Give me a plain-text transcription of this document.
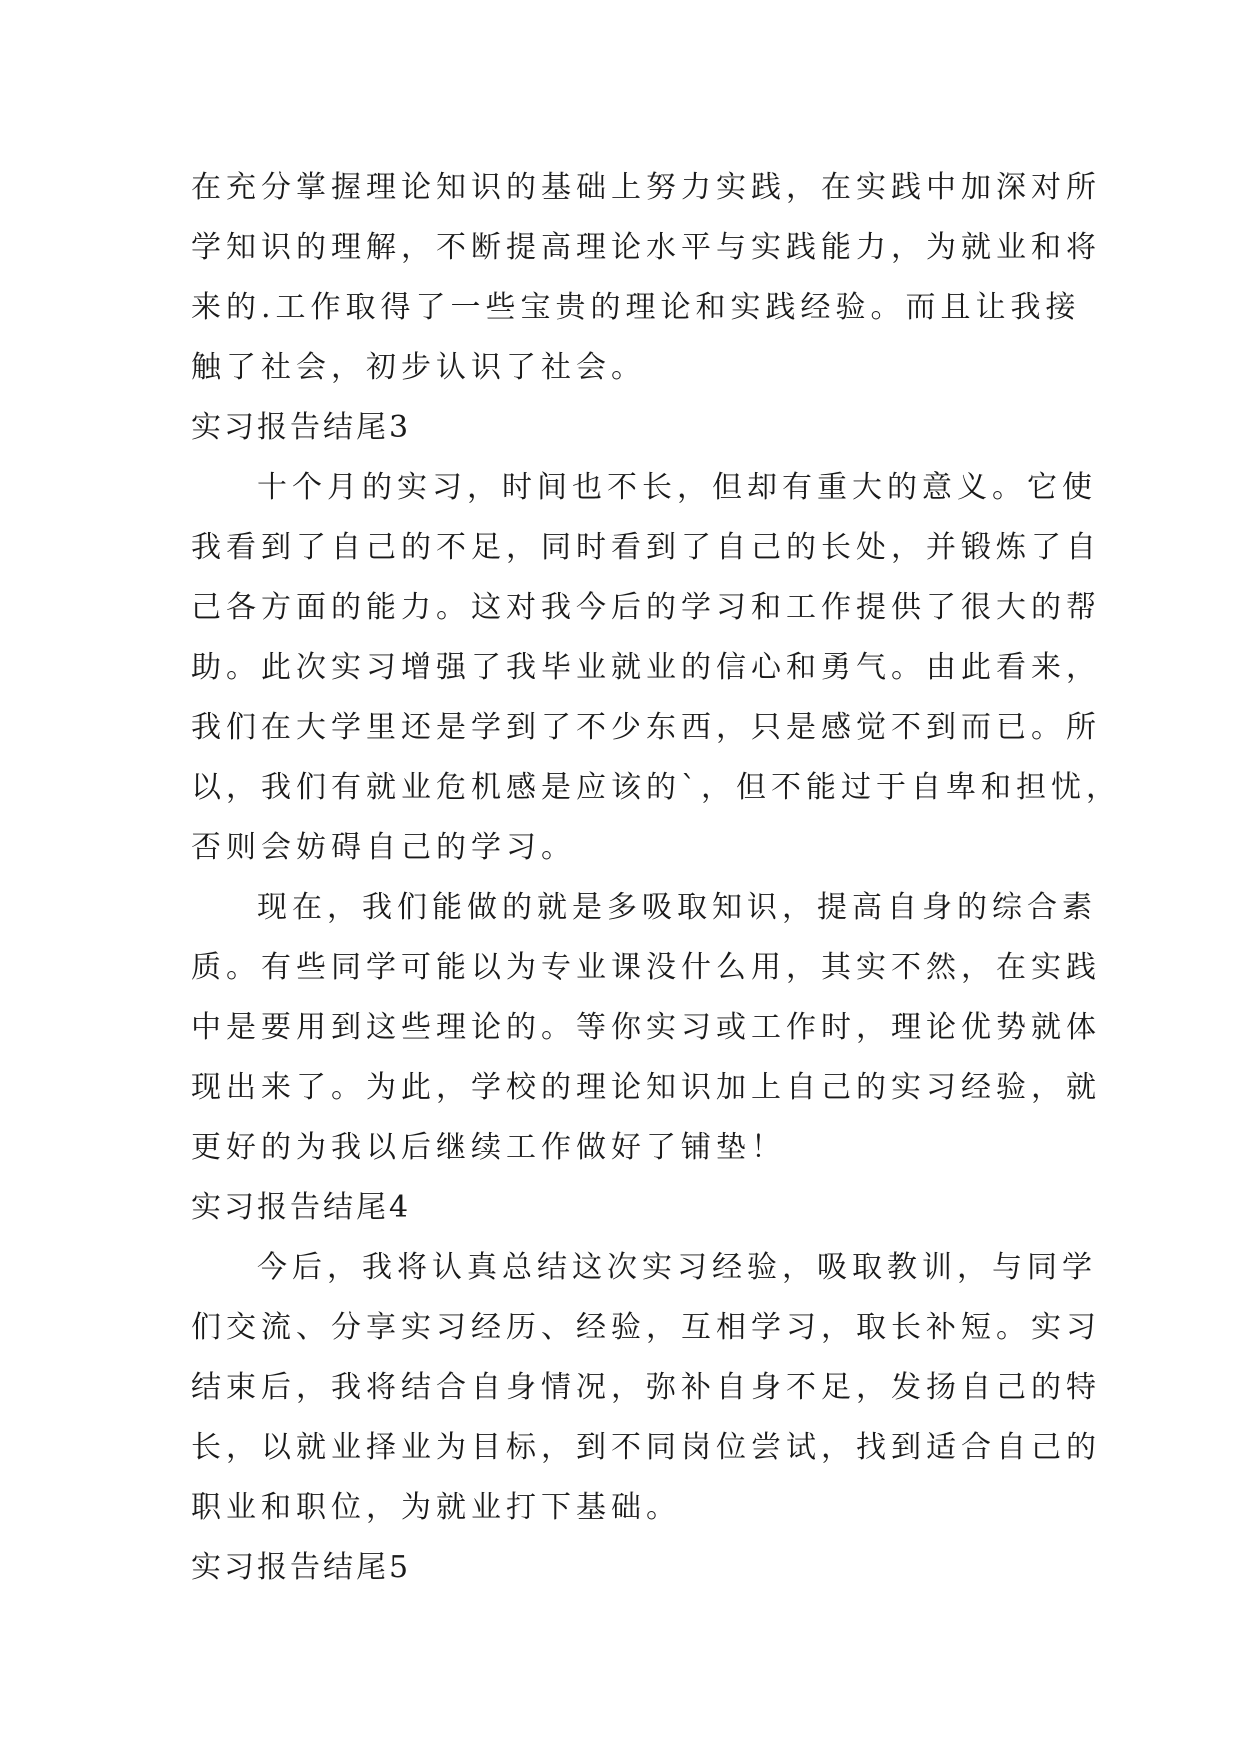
在充分掌握理论知识的基础上努力实践，在实践中加深对所

学知识的理解，不断提高理论水平与实践能力，为就业和将

来的.工作取得了一些宝贵的理论和实践经验。而且让我接

触了社会，初步认识了社会。

实习报告结尾3

十个月的实习，时间也不长，但却有重大的意义。它使

我看到了自己的不足，同时看到了自己的长处，并锻炼了自

己各方面的能力。这对我今后的学习和工作提供了很大的帮

助。此次实习增强了我毕业就业的信心和勇气。由此看来，

我们在大学里还是学到了不少东西，只是感觉不到而已。所

以，我们有就业危机感是应该的`，但不能过于自卑和担忧，

否则会妨碍自己的学习。

现在，我们能做的就是多吸取知识，提高自身的综合素

质。有些同学可能以为专业课没什么用，其实不然，在实践

中是要用到这些理论的。等你实习或工作时，理论优势就体

现出来了。为此，学校的理论知识加上自己的实习经验，就

更好的为我以后继续工作做好了铺垫！

实习报告结尾4

今后，我将认真总结这次实习经验，吸取教训，与同学

们交流、分享实习经历、经验，互相学习，取长补短。实习

结束后，我将结合自身情况，弥补自身不足，发扬自己的特

长，以就业择业为目标，到不同岗位尝试，找到适合自己的

职业和职位，为就业打下基础。

实习报告结尾5
